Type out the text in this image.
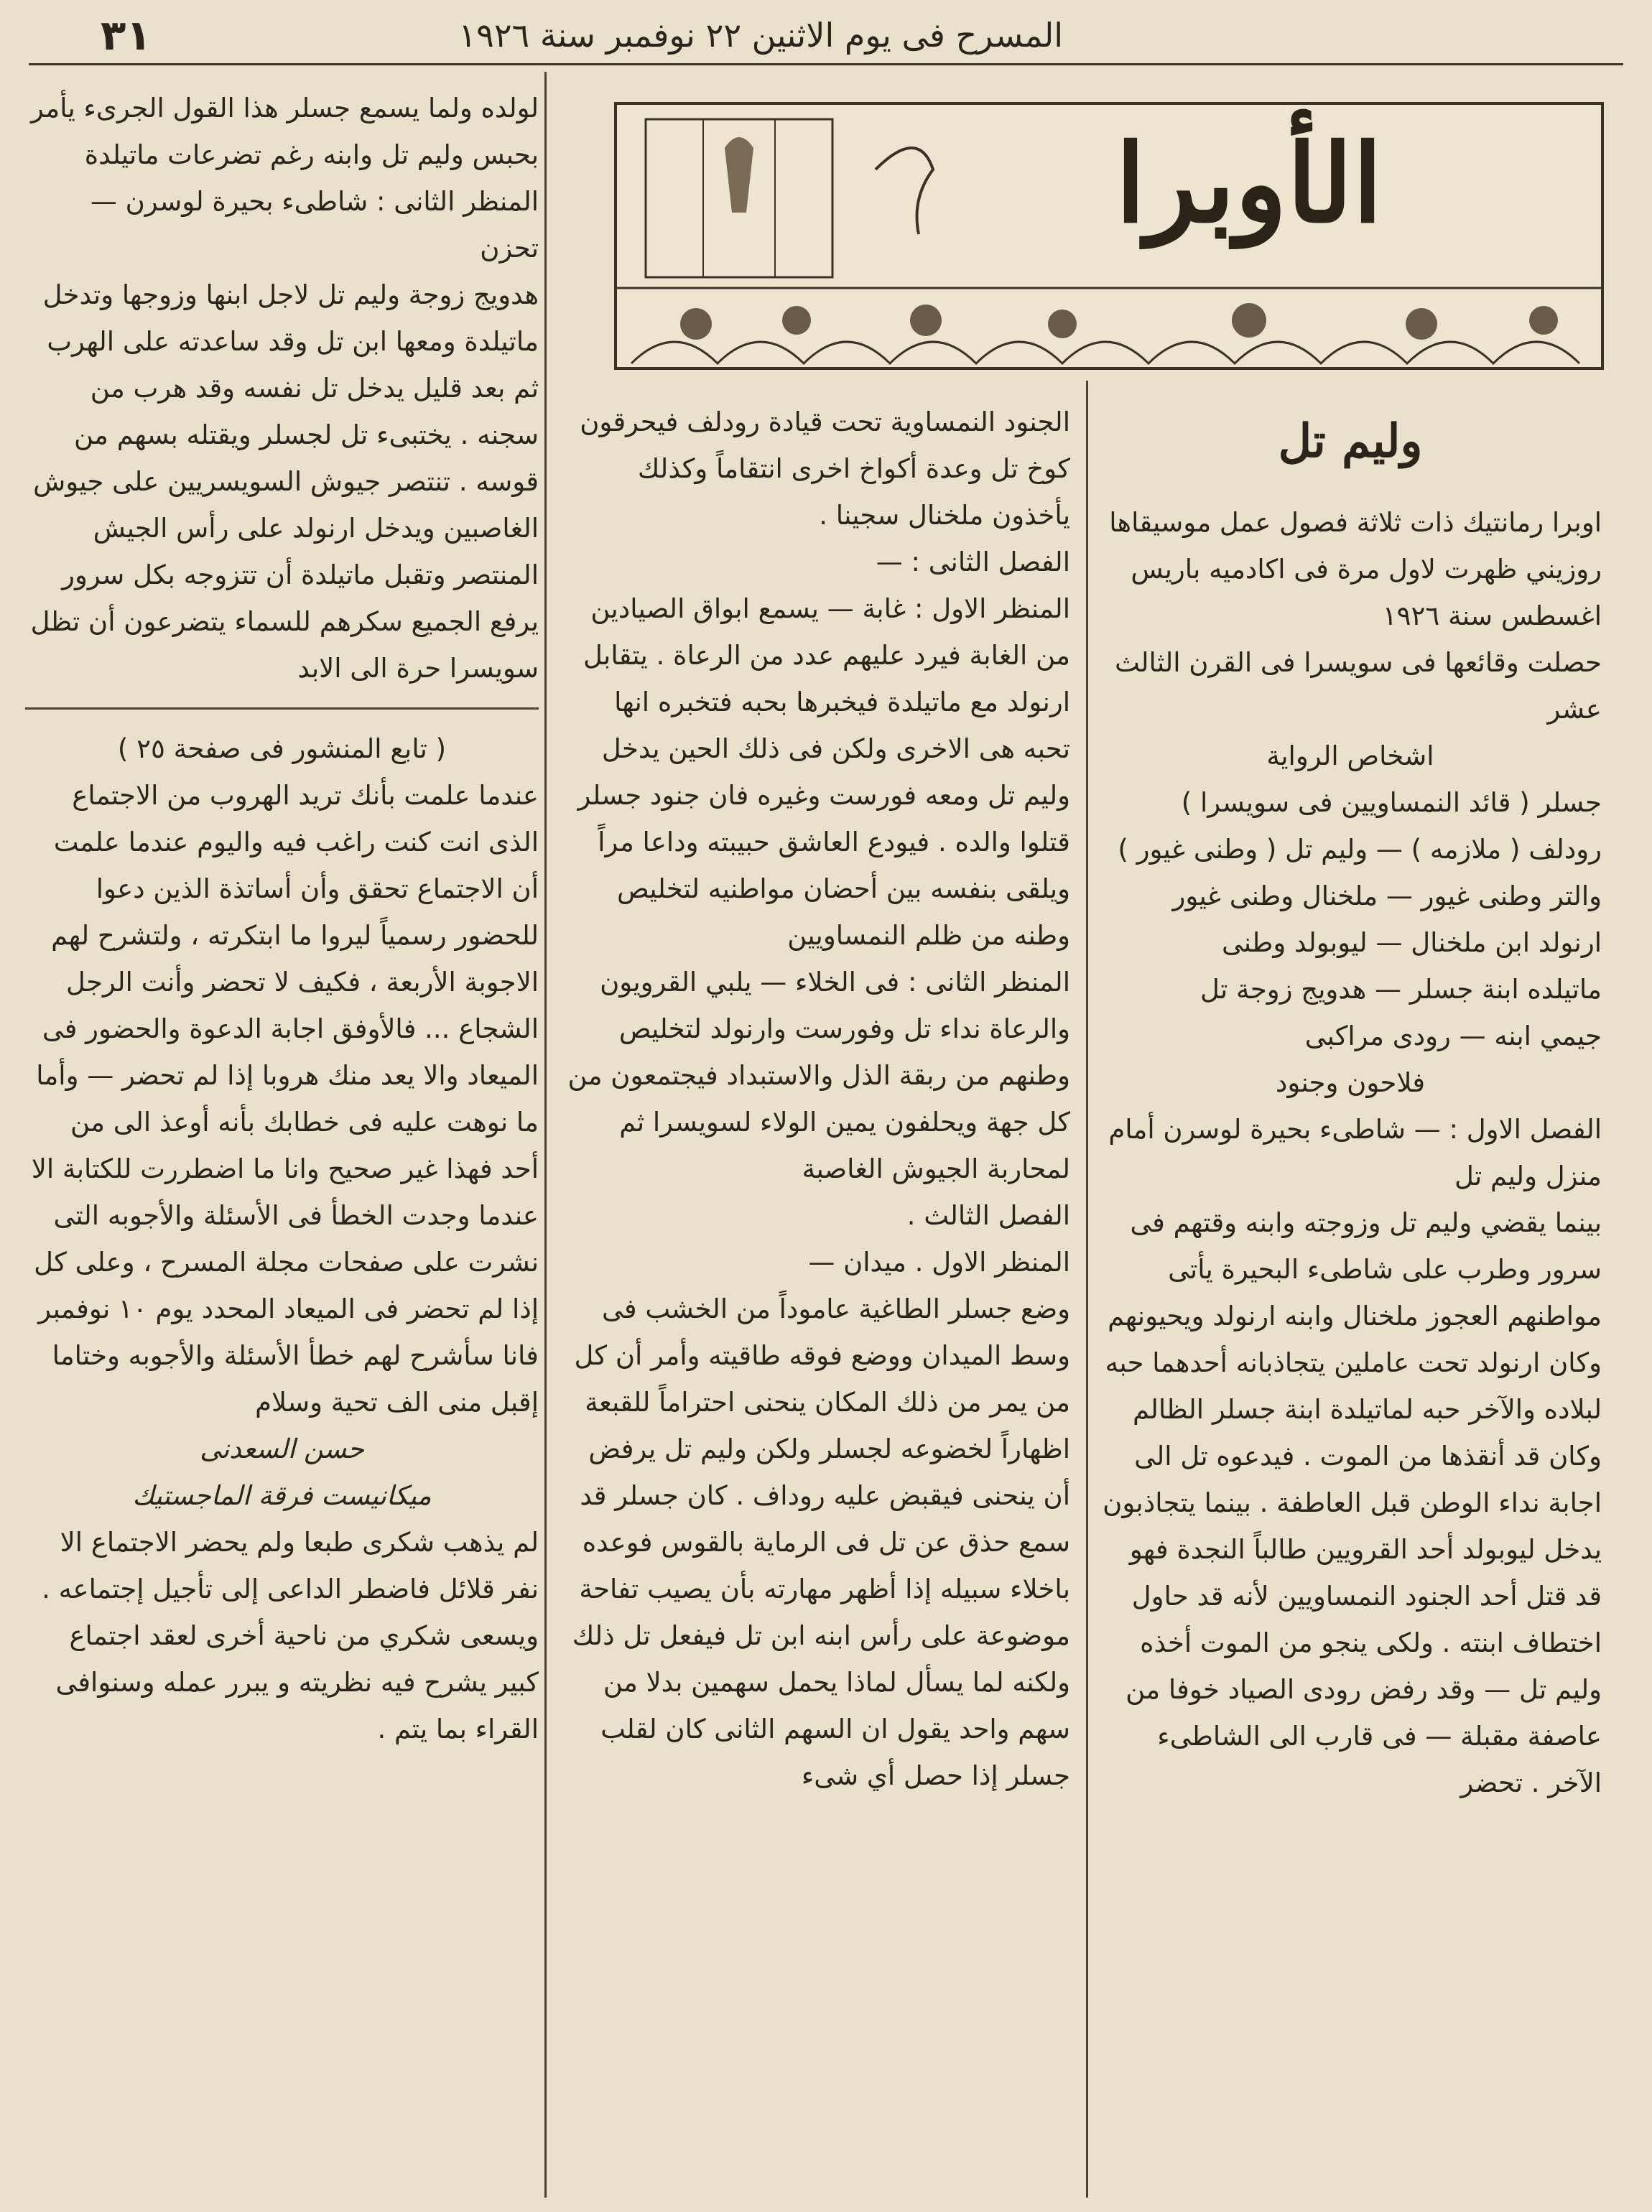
٣١	المسرح فى يوم الاثنين ٢٢ نوفمبر سنة ١٩٢٦
الأوبرا
وليم تل

اوبرا رمانتيك ذات ثلاثة فصول عمل موسيقاها روزيني ظهرت لاول مرة فى اكادميه باريس اغسطس سنة ١٩٢٦

حصلت وقائعها فى سويسرا فى القرن الثالث عشر

اشخاص الرواية

جسلر ( قائد النمساويين فى سويسرا )

رودلف ( ملازمه ) — وليم تل ( وطنى غيور )

والتر وطنى غيور — ملخنال وطنى غيور

ارنولد ابن ملخنال — ليوبولد وطنى

ماتيلده ابنة جسلر — هدويج زوجة تل

جيمي ابنه — رودى مراكبى

فلاحون وجنود

الفصل الاول : — شاطىء بحيرة لوسرن أمام منزل وليم تل

بينما يقضي وليم تل وزوجته وابنه وقتهم فى سرور وطرب على شاطىء البحيرة يأتى مواطنهم العجوز ملخنال وابنه ارنولد ويحيونهم وكان ارنولد تحت عاملين يتجاذبانه أحدهما حبه لبلاده والآخر حبه لماتيلدة ابنة جسلر الظالم وكان قد أنقذها من الموت . فيدعوه تل الى اجابة نداء الوطن قبل العاطفة . بينما يتجاذبون يدخل ليوبولد أحد القرويين طالباً النجدة فهو قد قتل أحد الجنود النمساويين لأنه قد حاول اختطاف ابنته . ولكى ينجو من الموت أخذه وليم تل — وقد رفض رودى الصياد خوفا من عاصفة مقبلة — فى قارب الى الشاطىء الآخر . تحضر

الجنود النمساوية تحت قيادة رودلف فيحرقون كوخ تل وعدة أكواخ اخرى انتقاماً وكذلك يأخذون ملخنال سجينا .

الفصل الثانى : —

المنظر الاول : غابة — يسمع ابواق الصيادين

من الغابة فيرد عليهم عدد من الرعاة . يتقابل ارنولد مع ماتيلدة فيخبرها بحبه فتخبره انها تحبه هى الاخرى ولكن فى ذلك الحين يدخل وليم تل ومعه فورست وغيره فان جنود جسلر قتلوا والده . فيودع العاشق حبيبته وداعا مراً ويلقى بنفسه بين أحضان مواطنيه لتخليص وطنه من ظلم النمساويين

المنظر الثانى : فى الخلاء — يلبي القرويون

والرعاة نداء تل وفورست وارنولد لتخليص وطنهم من ربقة الذل والاستبداد فيجتمعون من كل جهة ويحلفون يمين الولاء لسويسرا ثم لمحاربة الجيوش الغاصبة

الفصل الثالث .

المنظر الاول . ميدان —

وضع جسلر الطاغية عاموداً من الخشب فى وسط الميدان ووضع فوقه طاقيته وأمر أن كل من يمر من ذلك المكان ينحنى احتراماً للقبعة اظهاراً لخضوعه لجسلر ولكن وليم تل يرفض أن ينحنى فيقبض عليه روداف . كان جسلر قد سمع حذق عن تل فى الرماية بالقوس فوعده باخلاء سبيله إذا أظهر مهارته بأن يصيب تفاحة موضوعة على رأس ابنه ابن تل فيفعل تل ذلك ولكنه لما يسأل لماذا يحمل سهمين بدلا من سهم واحد يقول ان السهم الثانى كان لقلب جسلر إذا حصل أي شىء

لولده ولما يسمع جسلر هذا القول الجرىء يأمر بحبس وليم تل وابنه رغم تضرعات ماتيلدة

المنظر الثانى : شاطىء بحيرة لوسرن — تحزن

هدويج زوجة وليم تل لاجل ابنها وزوجها وتدخل ماتيلدة ومعها ابن تل وقد ساعدته على الهرب ثم بعد قليل يدخل تل نفسه وقد هرب من سجنه . يختبىء تل لجسلر ويقتله بسهم من قوسه . تنتصر جيوش السويسريين على جيوش الغاصبين ويدخل ارنولد على رأس الجيش المنتصر وتقبل ماتيلدة أن تتزوجه بكل سرور يرفع الجميع سكرهم للسماء يتضرعون أن تظل سويسرا حرة الى الابد

( تابع المنشور فى صفحة ٢٥ )

عندما علمت بأنك تريد الهروب من الاجتماع الذى انت كنت راغب فيه واليوم عندما علمت أن الاجتماع تحقق وأن أساتذة الذين دعوا للحضور رسمياً ليروا ما ابتكرته ، ولتشرح لهم الاجوبة الأربعة ، فكيف لا تحضر وأنت الرجل الشجاع ... فالأوفق اجابة الدعوة والحضور فى الميعاد والا يعد منك هروبا إذا لم تحضر — وأما ما نوهت عليه فى خطابك بأنه أوعذ الى من أحد فهذا غير صحيح وانا ما اضطررت للكتابة الا عندما وجدت الخطأ فى الأسئلة والأجوبه التى نشرت على صفحات مجلة المسرح ، وعلى كل إذا لم تحضر فى الميعاد المحدد يوم ١٠ نوفمبر فانا سأشرح لهم خطأ الأسئلة والأجوبه وختاما إقبل منى الف تحية وسلام

حسن السعدنى

ميكانيست فرقة الماجستيك

لم يذهب شكرى طبعا ولم يحضر الاجتماع الا نفر قلائل فاضطر الداعى إلى تأجيل إجتماعه . ويسعى شكري من ناحية أخرى لعقد اجتماع كبير يشرح فيه نظريته و يبرر عمله وسنوافى القراء بما يتم .
